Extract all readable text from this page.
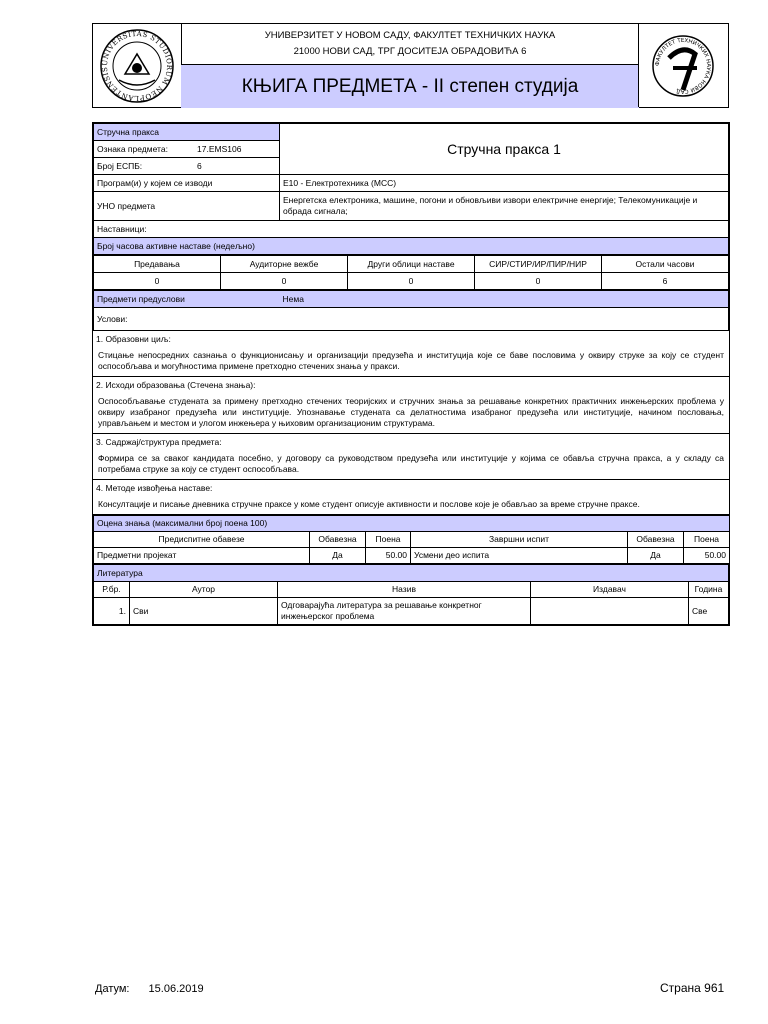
UNIVERSITAS STUDIORUM NEOPLANTENSIS
УНИВЕРЗИТЕТ У НОВОМ САДУ, ФАКУЛТЕТ ТЕХНИЧКИХ НАУКА
21000 НОВИ САД, ТРГ ДОСИТЕЈА ОБРАДОВИЋА 6
КЊИГА ПРЕДМЕТА - II степен студија
ФАКУЛТЕТ ТЕХНИЧКИХ НАУКА НОВИ САД
Стручна пракса	Стручна пракса 1
Ознака предмета: 17.EMS106	
Број ЕСПБ: 6	
Програм(и) у којем се изводи	Е10 - Електротехника (МСС)
УНО предмета	Енергетска електроника, машине, погони и обновљиви извори електричне енергије; Телекомуникације и обрада сигнала;
Наставници:	
Број часова активне наставе (недељно)	
Предавања	Аудиторне вежбе	Други облици наставе	СИР/СТИР/ИР/ПИР/НИР	Остали часови
0	0	0	0	6
Предмети предуслови	Нема
Услови:
1. Образовни циљ:
Стицање непосредних сазнања о функционисању и организацији предузећа и институција које се баве пословима у оквиру струке за коју се студент оспособљава и могућностима примене претходно стечених знања у пракси.
2. Исходи образовања (Стечена знања):
Оспособљавање студената за примену претходно стечених теоријских и стручних знања за решавање конкретних практичних инжењерских проблема у оквиру изабраног предузећа или институције. Упознавање студената са делатностима изабраног предузећа или институције, начином пословања, управљањем и местом и улогом инжењера у њиховим организационим структурама.
3. Садржај/структура предмета:
Формира се за сваког кандидата посебно, у договору са руководством предузећа или институције у којима се обавља стручна пракса, а у складу са потребама струке за коју се студент оспособљава.
4. Методе извођења наставе:
Консултације и писање дневника стручне праксе у коме студент описује активности и послове које је обављао за време стручне праксе.
Оцена знања (максимални број поена 100)					
Предиспитне обавезе	Обавезна	Поена	Завршни испит	Обавезна	Поена
Предметни пројекат	Да	50.00	Усмени део испита	Да	50.00
Литература				
Р.бр.	Аутор	Назив	Издавач	Година
1.	Сви	Одговарајућа литература за решавање конкретног инжењерског проблема		Све
Датум: 15.06.2019	Страна 961
